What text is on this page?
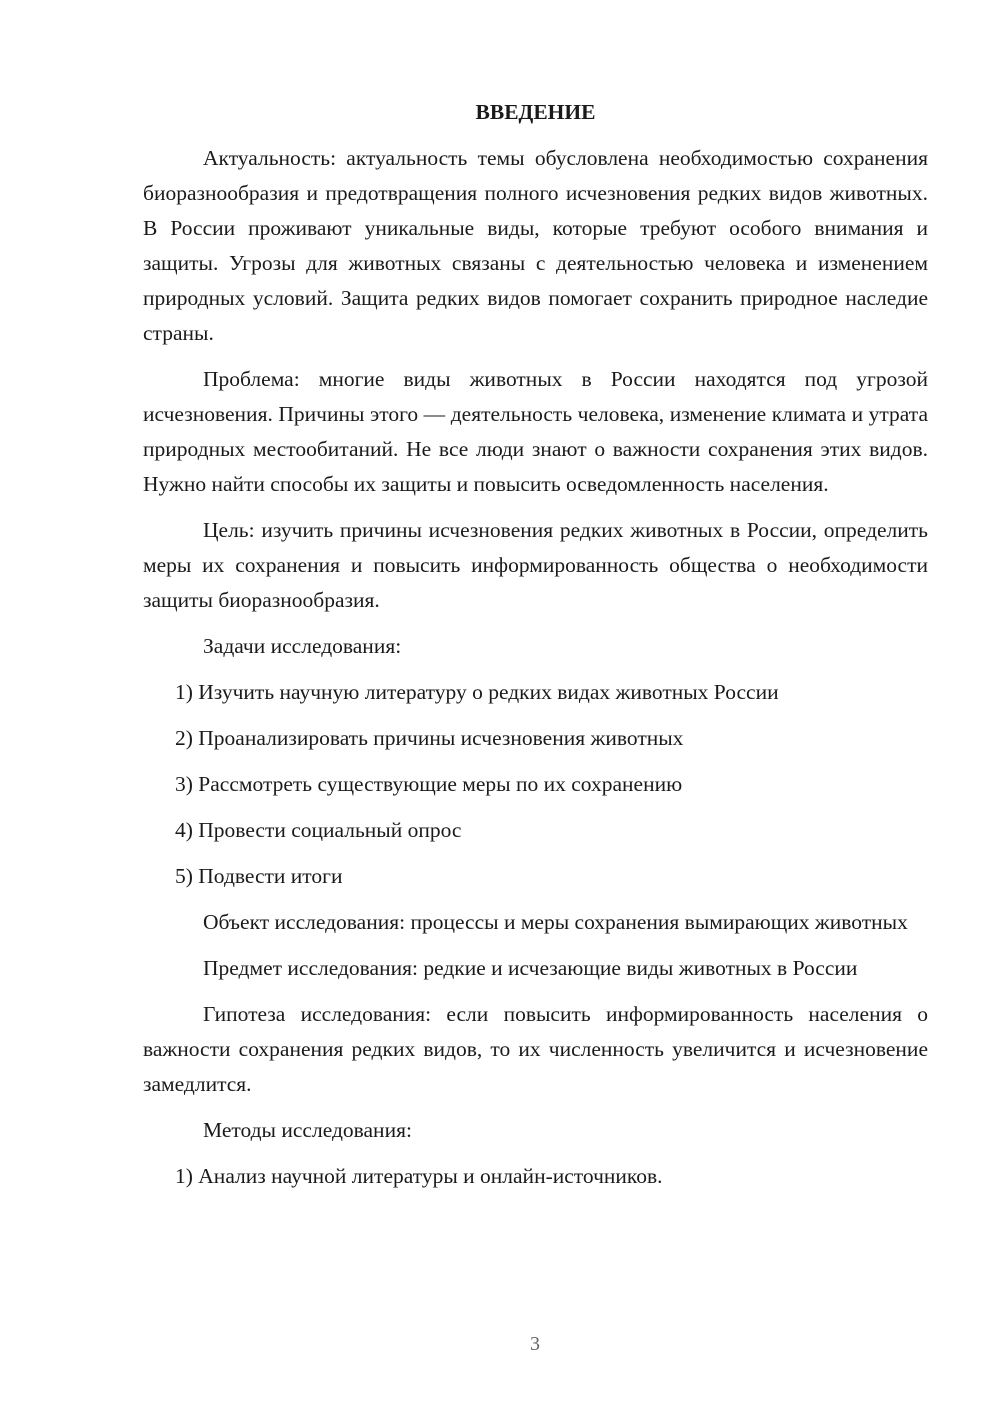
ВВЕДЕНИЕ

Актуальность: актуальность темы обусловлена необходимостью сохранения биоразнообразия и предотвращения полного исчезновения редких видов животных. В России проживают уникальные виды, которые требуют особого внимания и защиты. Угрозы для животных связаны с деятельностью человека и изменением природных условий. Защита редких видов помогает сохранить природное наследие страны.

Проблема: многие виды животных в России находятся под угрозой исчезновения. Причины этого — деятельность человека, изменение климата и утрата природных местообитаний. Не все люди знают о важности сохранения этих видов. Нужно найти способы их защиты и повысить осведомленность населения.

Цель: изучить причины исчезновения редких животных в России, определить меры их сохранения и повысить информированность общества о необходимости защиты биоразнообразия.

Задачи исследования:

1) Изучить научную литературу о редких видах животных России

2) Проанализировать причины исчезновения животных

3) Рассмотреть существующие меры по их сохранению

4) Провести социальный опрос

5) Подвести итоги

Объект исследования: процессы и меры сохранения вымирающих животных

Предмет исследования: редкие и исчезающие виды животных в России

Гипотеза исследования: если повысить информированность населения о важности сохранения редких видов, то их численность увеличится и исчезновение замедлится.

Методы исследования:

1) Анализ научной литературы и онлайн-источников.

3
